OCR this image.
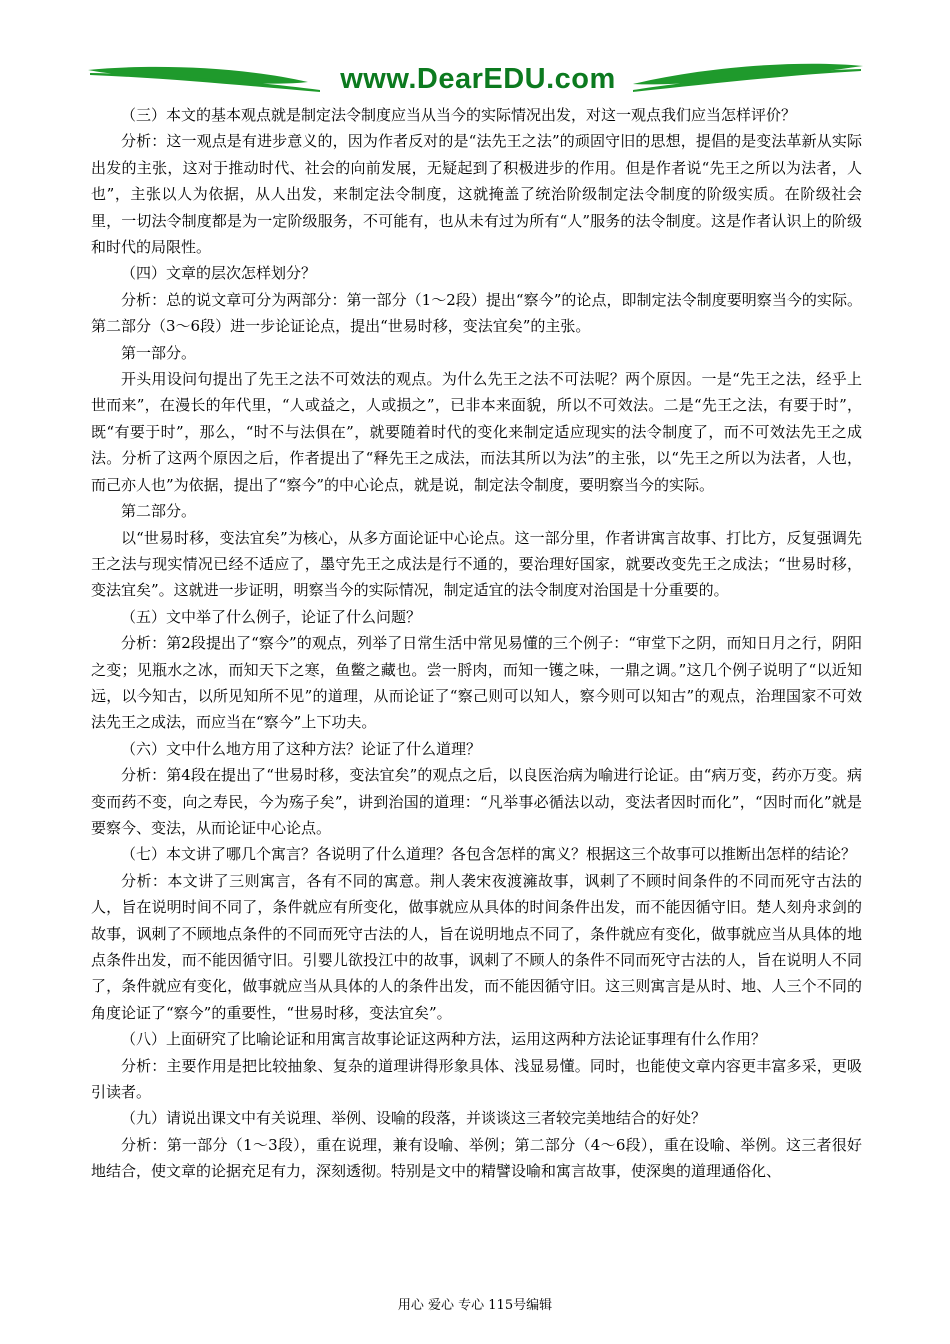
www.DearEDU.com

（三）本文的基本观点就是制定法令制度应当从当今的实际情况出发，对这一观点我们应当怎样评价？

分析：这一观点是有进步意义的，因为作者反对的是“法先王之法”的顽固守旧的思想，提倡的是变法革新从实际出发的主张，这对于推动时代、社会的向前发展，无疑起到了积极进步的作用。但是作者说“先王之所以为法者，人也”，主张以人为依据，从人出发，来制定法令制度，这就掩盖了统治阶级制定法令制度的阶级实质。在阶级社会里，一切法令制度都是为一定阶级服务，不可能有，也从未有过为所有“人”服务的法令制度。这是作者认识上的阶级和时代的局限性。

（四）文章的层次怎样划分？

分析：总的说文章可分为两部分：第一部分（1～2段）提出“察今”的论点，即制定法令制度要明察当今的实际。第二部分（3～6段）进一步论证论点，提出“世易时移，变法宜矣”的主张。

第一部分。

开头用设问句提出了先王之法不可效法的观点。为什么先王之法不可法呢？两个原因。一是“先王之法，经乎上世而来”，在漫长的年代里，“人或益之，人或损之”，已非本来面貌，所以不可效法。二是“先王之法，有要于时”，既“有要于时”，那么，“时不与法俱在”，就要随着时代的变化来制定适应现实的法令制度了，而不可效法先王之成法。分析了这两个原因之后，作者提出了“释先王之成法，而法其所以为法”的主张，以“先王之所以为法者，人也，而己亦人也”为依据，提出了“察今”的中心论点，就是说，制定法令制度，要明察当今的实际。

第二部分。

以“世易时移，变法宜矣”为核心，从多方面论证中心论点。这一部分里，作者讲寓言故事、打比方，反复强调先王之法与现实情况已经不适应了，墨守先王之成法是行不通的，要治理好国家，就要改变先王之成法；“世易时移，变法宜矣”。这就进一步证明，明察当今的实际情况，制定适宜的法令制度对治国是十分重要的。

（五）文中举了什么例子，论证了什么问题？

分析：第2段提出了“察今”的观点，列举了日常生活中常见易懂的三个例子：“审堂下之阴，而知日月之行，阴阳之变；见瓶水之冰，而知天下之寒，鱼鳖之藏也。尝一脟肉，而知一镬之味，一鼎之调。”这几个例子说明了“以近知远，以今知古，以所见知所不见”的道理，从而论证了“察己则可以知人，察今则可以知古”的观点，治理国家不可效法先王之成法，而应当在“察今”上下功夫。

（六）文中什么地方用了这种方法？论证了什么道理？

分析：第4段在提出了“世易时移，变法宜矣”的观点之后，以良医治病为喻进行论证。由“病万变，药亦万变。病变而药不变，向之寿民，今为殇子矣”，讲到治国的道理：“凡举事必循法以动，变法者因时而化”，“因时而化”就是要察今、变法，从而论证中心论点。

（七）本文讲了哪几个寓言？各说明了什么道理？各包含怎样的寓义？根据这三个故事可以推断出怎样的结论？

分析：本文讲了三则寓言，各有不同的寓意。荆人袭宋夜渡澭故事，讽刺了不顾时间条件的不同而死守古法的人，旨在说明时间不同了，条件就应有所变化，做事就应从具体的时间条件出发，而不能因循守旧。楚人刻舟求剑的故事，讽刺了不顾地点条件的不同而死守古法的人，旨在说明地点不同了，条件就应有变化，做事就应当从具体的地点条件出发，而不能因循守旧。引婴儿欲投江中的故事，讽刺了不顾人的条件不同而死守古法的人，旨在说明人不同了，条件就应有变化，做事就应当从具体的人的条件出发，而不能因循守旧。这三则寓言是从时、地、人三个不同的角度论证了“察今”的重要性，“世易时移，变法宜矣”。

（八）上面研究了比喻论证和用寓言故事论证这两种方法，运用这两种方法论证事理有什么作用？

分析：主要作用是把比较抽象、复杂的道理讲得形象具体、浅显易懂。同时，也能使文章内容更丰富多采，更吸引读者。

（九）请说出课文中有关说理、举例、设喻的段落，并谈谈这三者较完美地结合的好处？

分析：第一部分（1～3段），重在说理，兼有设喻、举例；第二部分（4～6段），重在设喻、举例。这三者很好地结合，使文章的论据充足有力，深刻透彻。特别是文中的精譬设喻和寓言故事，使深奥的道理通俗化、

用心 爱心 专心 115号编辑
